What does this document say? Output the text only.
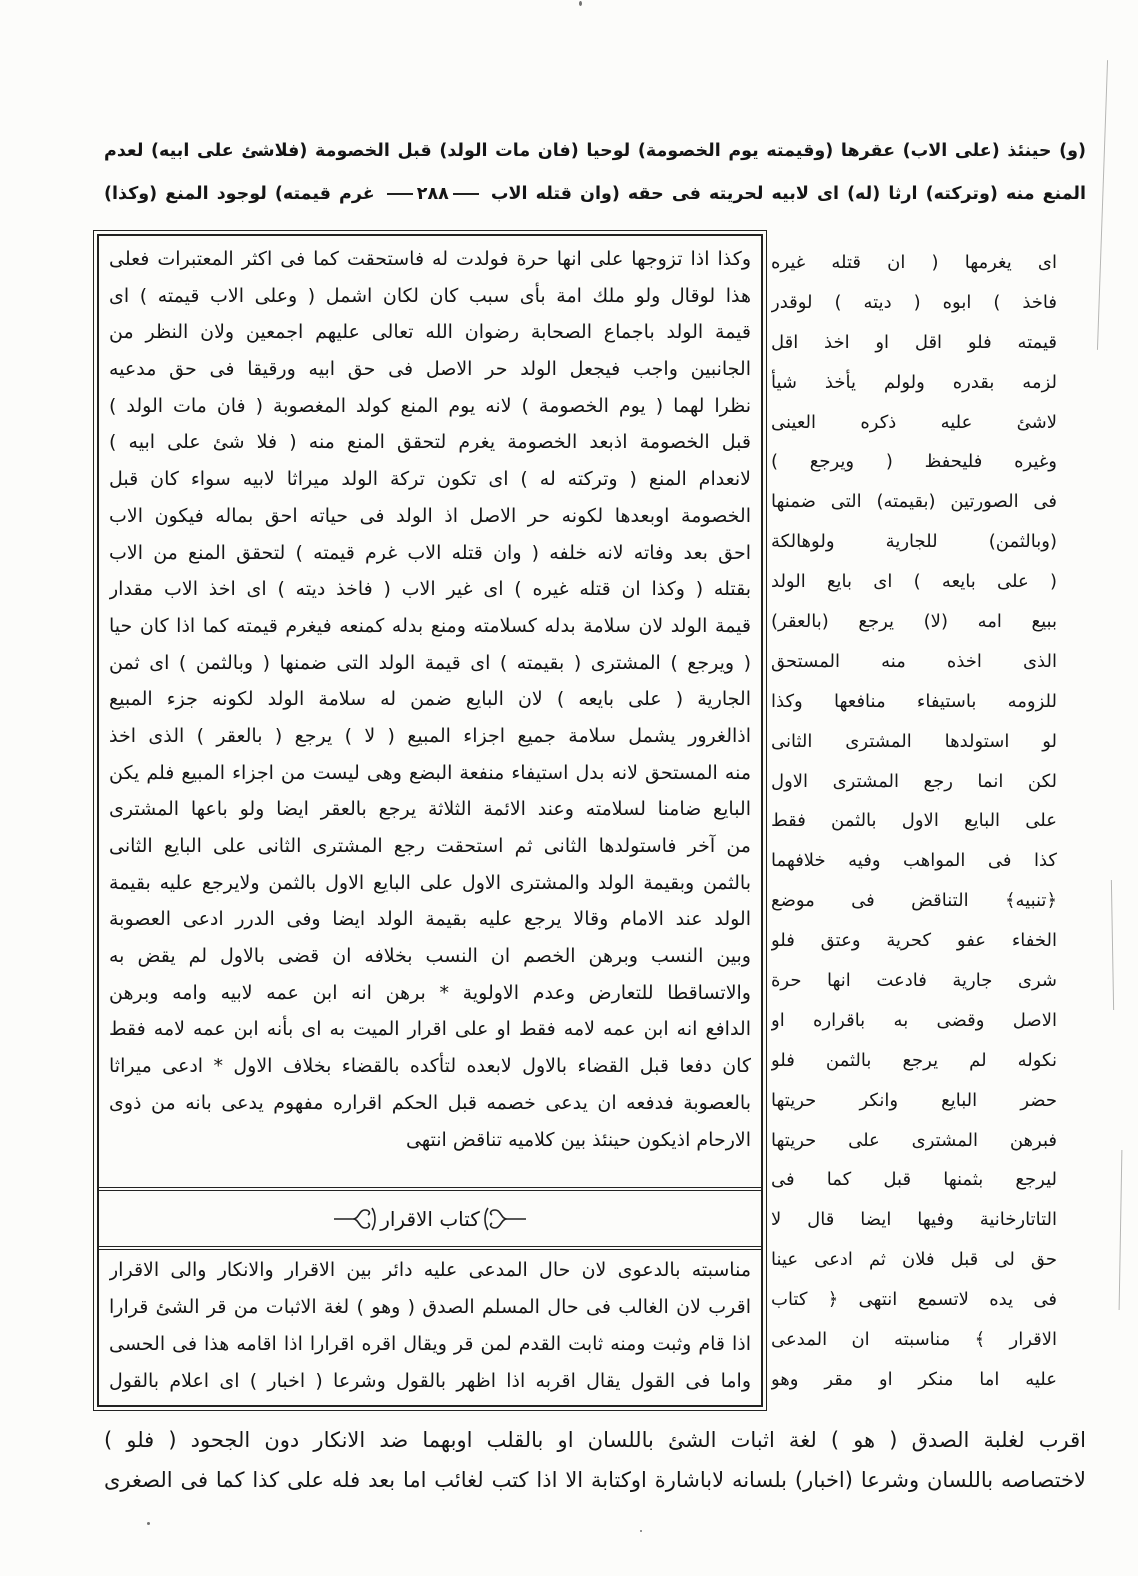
(و) حينئذ (على الاب) عقرها (وقيمته يوم الخصومة) لوحيا (فان مات الولد) قبل الخصومة (فلاشئ على ابيه) لعدم
المنع منه (وتركته) ارثا (له) اى لابيه لحريته فى حقه (وان قتله الاب ٢٨٨ غرم قيمته) لوجود المنع (وكذا)
وكذا اذا تزوجها على انها حرة فولدت له فاستحقت كما فى اكثر المعتبرات فعلى
هذا لوقال ولو ملك امة بأى سبب كان لكان اشمل ( وعلى الاب قيمته ) اى
قيمة الولد باجماع الصحابة رضوان الله تعالى عليهم اجمعين ولان النظر من
الجانبين واجب فيجعل الولد حر الاصل فى حق ابيه ورقيقا فى حق مدعيه
نظرا لهما ( يوم الخصومة ) لانه يوم المنع كولد المغصوبة ( فان مات الولد )
قبل الخصومة اذبعد الخصومة يغرم لتحقق المنع منه ( فلا شئ على ابيه )
لانعدام المنع ( وتركته له ) اى تكون تركة الولد ميراثا لابيه سواء كان قبل
الخصومة اوبعدها لكونه حر الاصل اذ الولد فى حياته احق بماله فيكون الاب
احق بعد وفاته لانه خلفه ( وان قتله الاب غرم قيمته ) لتحقق المنع من الاب
بقتله ( وكذا ان قتله غيره ) اى غير الاب ( فاخذ ديته ) اى اخذ الاب مقدار
قيمة الولد لان سلامة بدله كسلامته ومنع بدله كمنعه فيغرم قيمته كما اذا كان حيا
( ويرجع ) المشترى ( بقيمته ) اى قيمة الولد التى ضمنها ( وبالثمن ) اى ثمن
الجارية ( على بايعه ) لان البايع ضمن له سلامة الولد لكونه جزء المبيع
اذالغرور يشمل سلامة جميع اجزاء المبيع ( لا ) يرجع ( بالعقر ) الذى اخذ
منه المستحق لانه بدل استيفاء منفعة البضع وهى ليست من اجزاء المبيع فلم يكن
البايع ضامنا لسلامته وعند الائمة الثلاثة يرجع بالعقر ايضا ولو باعها المشترى
من آخر فاستولدها الثانى ثم استحقت رجع المشترى الثانى على البايع الثانى
بالثمن وبقيمة الولد والمشترى الاول على البايع الاول بالثمن ولايرجع عليه بقيمة
الولد عند الامام وقالا يرجع عليه بقيمة الولد ايضا وفى الدرر ادعى العصوبة
وبين النسب وبرهن الخصم ان النسب بخلافه ان قضى بالاول لم يقض به
والاتساقطا للتعارض وعدم الاولوية * برهن انه ابن عمه لابيه وامه وبرهن
الدافع انه ابن عمه لامه فقط او على اقرار الميت به اى بأنه ابن عمه لامه فقط
كان دفعا قبل القضاء بالاول لابعده لتأكده بالقضاء بخلاف الاول * ادعى ميراثا
بالعصوبة فدفعه ان يدعى خصمه قبل الحكم اقراره مفهوم يدعى بانه من ذوى
الارحام اذيكون حينئذ بين كلاميه تناقض انتهى
كتاب الاقرار
مناسبته بالدعوى لان حال المدعى عليه دائر بين الاقرار والانكار والى الاقرار
اقرب لان الغالب فى حال المسلم الصدق ( وهو ) لغة الاثبات من قر الشئ قرارا
اذا قام وثبت ومنه ثابت القدم لمن قر ويقال اقره اقرارا اذا اقامه هذا فى الحسى
واما فى القول يقال اقربه اذا اظهر بالقول وشرعا ( اخبار ) اى اعلام بالقول
اى يغرمها ( ان قتله غيره
فاخذ ) ابوه ( ديته ) لوقدر
قيمته فلو اقل او اخذ اقل
لزمه بقدره ولولم يأخذ شيأ
لاشئ عليه ذكره العينى
وغيره فليحفظ ( ويرجع )
فى الصورتين (بقيمته) التى ضمنها
(وبالثمن) للجارية ولوهالكة
( على بايعه ) اى بايع الولد
ببيع امه (لا) يرجع (بالعقر)
الذى اخذه منه المستحق
للزومه باستيفاء منافعها وكذا
لو استولدها المشترى الثانى
لكن انما رجع المشترى الاول
على البايع الاول بالثمن فقط
كذا فى المواهب وفيه خلافهما
﴿تنبيه﴾ التناقض فى موضع
الخفاء عفو كحرية وعتق فلو
شرى جارية فادعت انها حرة
الاصل وقضى به باقراره او
نكوله لم يرجع بالثمن فلو
حضر البايع وانكر حريتها
فبرهن المشترى على حريتها
ليرجع بثمنها قبل كما فى
التاتارخانية وفيها ايضا قال لا
حق لى قبل فلان ثم ادعى عينا
فى يده لاتسمع انتهى ﴿ كتاب
الاقرار ﴾ مناسبته ان المدعى
عليه اما منكر او مقر وهو
اقرب لغلبة الصدق ( هو ) لغة اثبات الشئ باللسان او بالقلب اوبهما ضد الانكار دون الجحود ( فلو )
لاختصاصه باللسان وشرعا (اخبار) بلسانه لاباشارة اوكتابة الا اذا كتب لغائب اما بعد فله على كذا كما فى الصغرى
